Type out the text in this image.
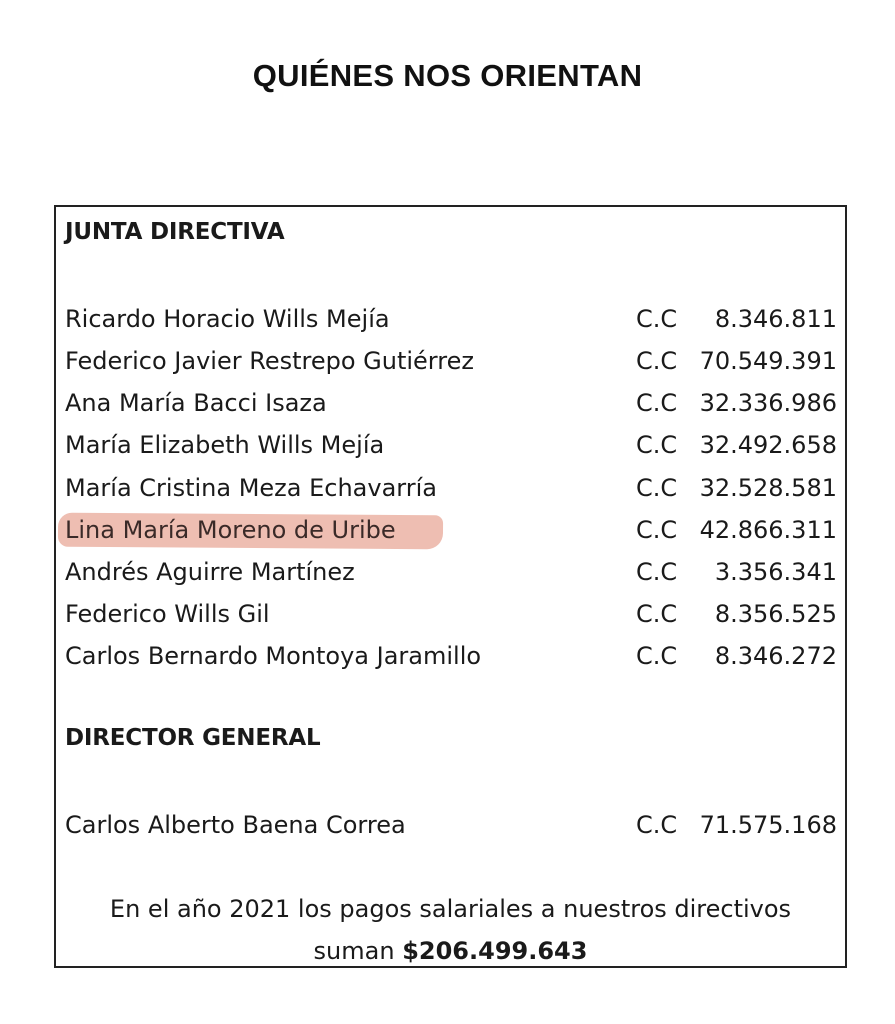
QUIÉNES NOS ORIENTAN
JUNTA DIRECTIVA
Ricardo Horacio Wills Mejía	C.C 8.346.811
Federico Javier Restrepo Gutiérrez	C.C 70.549.391
Ana María Bacci Isaza	C.C 32.336.986
María Elizabeth Wills Mejía	C.C 32.492.658
María Cristina Meza Echavarría	C.C 32.528.581
Lina María Moreno de Uribe	C.C 42.866.311
Andrés Aguirre Martínez	C.C 3.356.341
Federico Wills Gil	C.C 8.356.525
Carlos Bernardo Montoya Jaramillo	C.C 8.346.272
DIRECTOR GENERAL
Carlos Alberto Baena Correa	C.C 71.575.168
En el año 2021 los pagos salariales a nuestros directivos
suman $206.499.643
